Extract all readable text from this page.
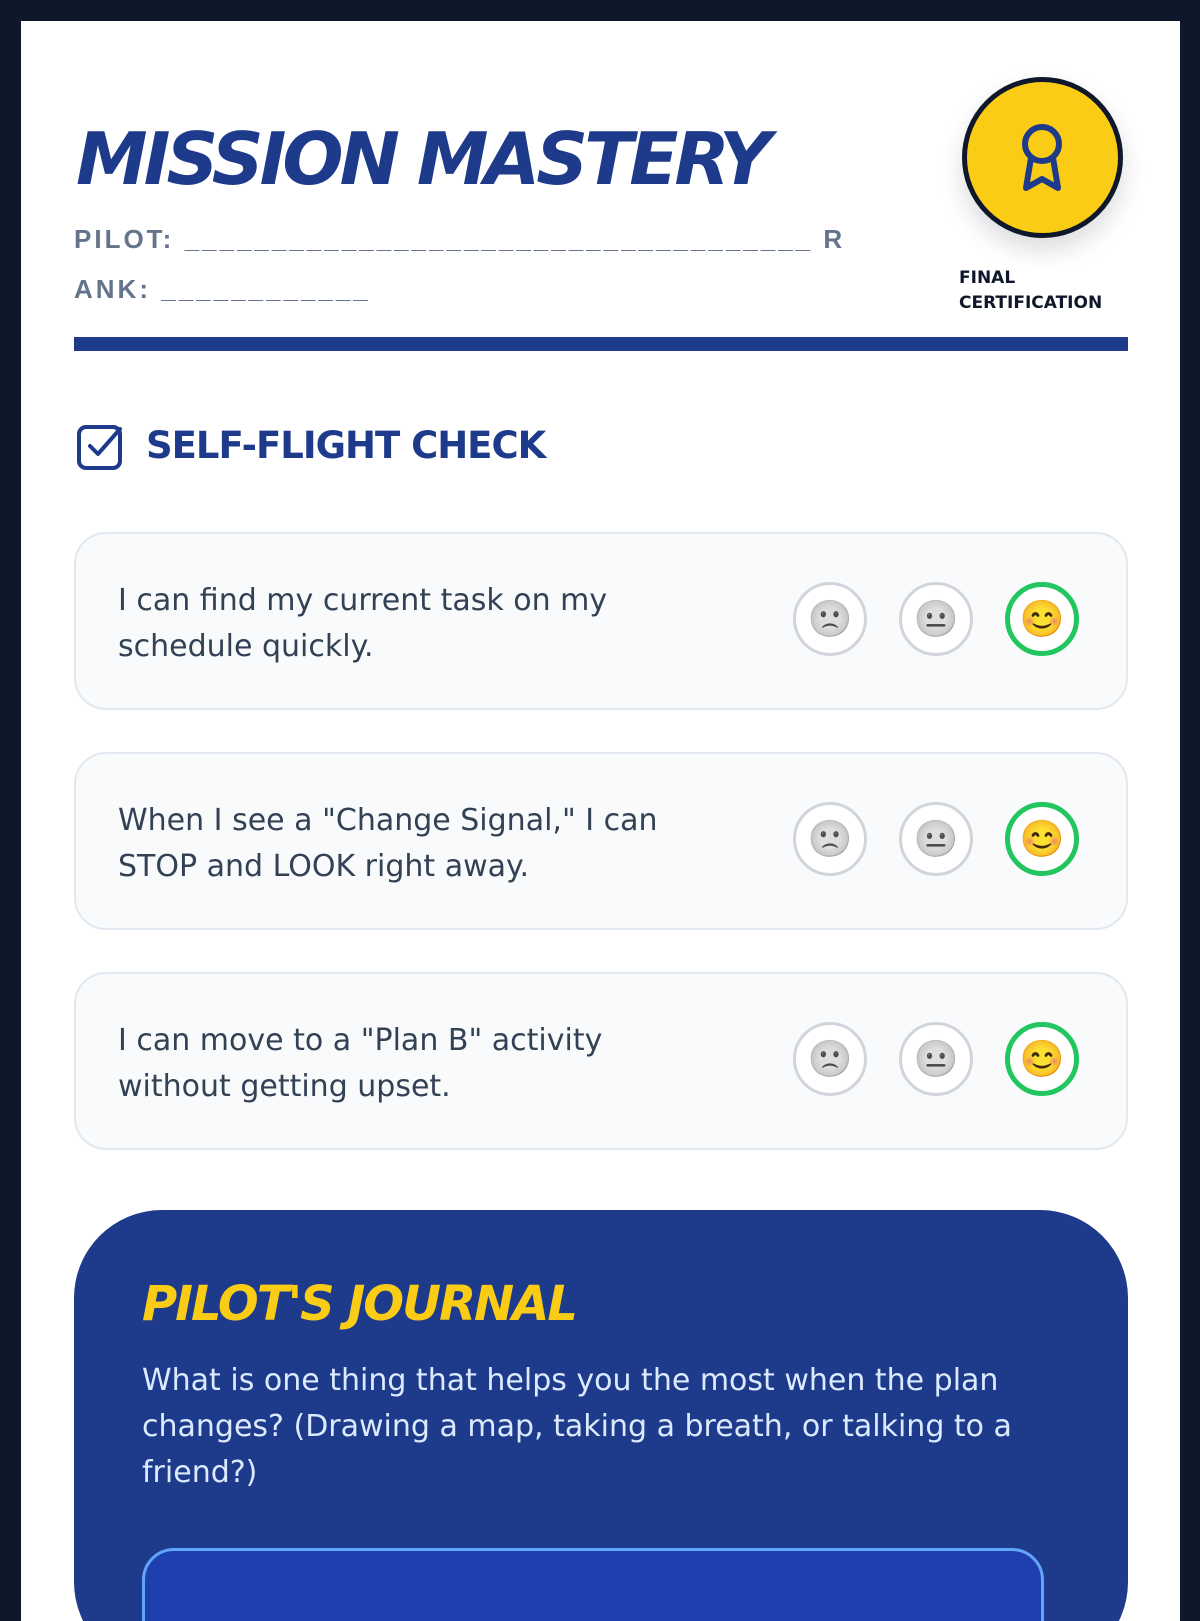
MISSION MASTERY
PILOT: ____________________________________ RANK: ____________	FINAL CERTIFICATION
SELF-FLIGHT CHECK
I can find my current task on my schedule quickly.
🙁 😐 😊
When I see a "Change Signal," I can STOP and LOOK right away.
🙁 😐 😊
I can move to a "Plan B" activity without getting upset.
🙁 😐 😊
PILOT'S JOURNAL
What is one thing that helps you the most when the plan changes? (Drawing a map, taking a breath, or talking to a friend?)
